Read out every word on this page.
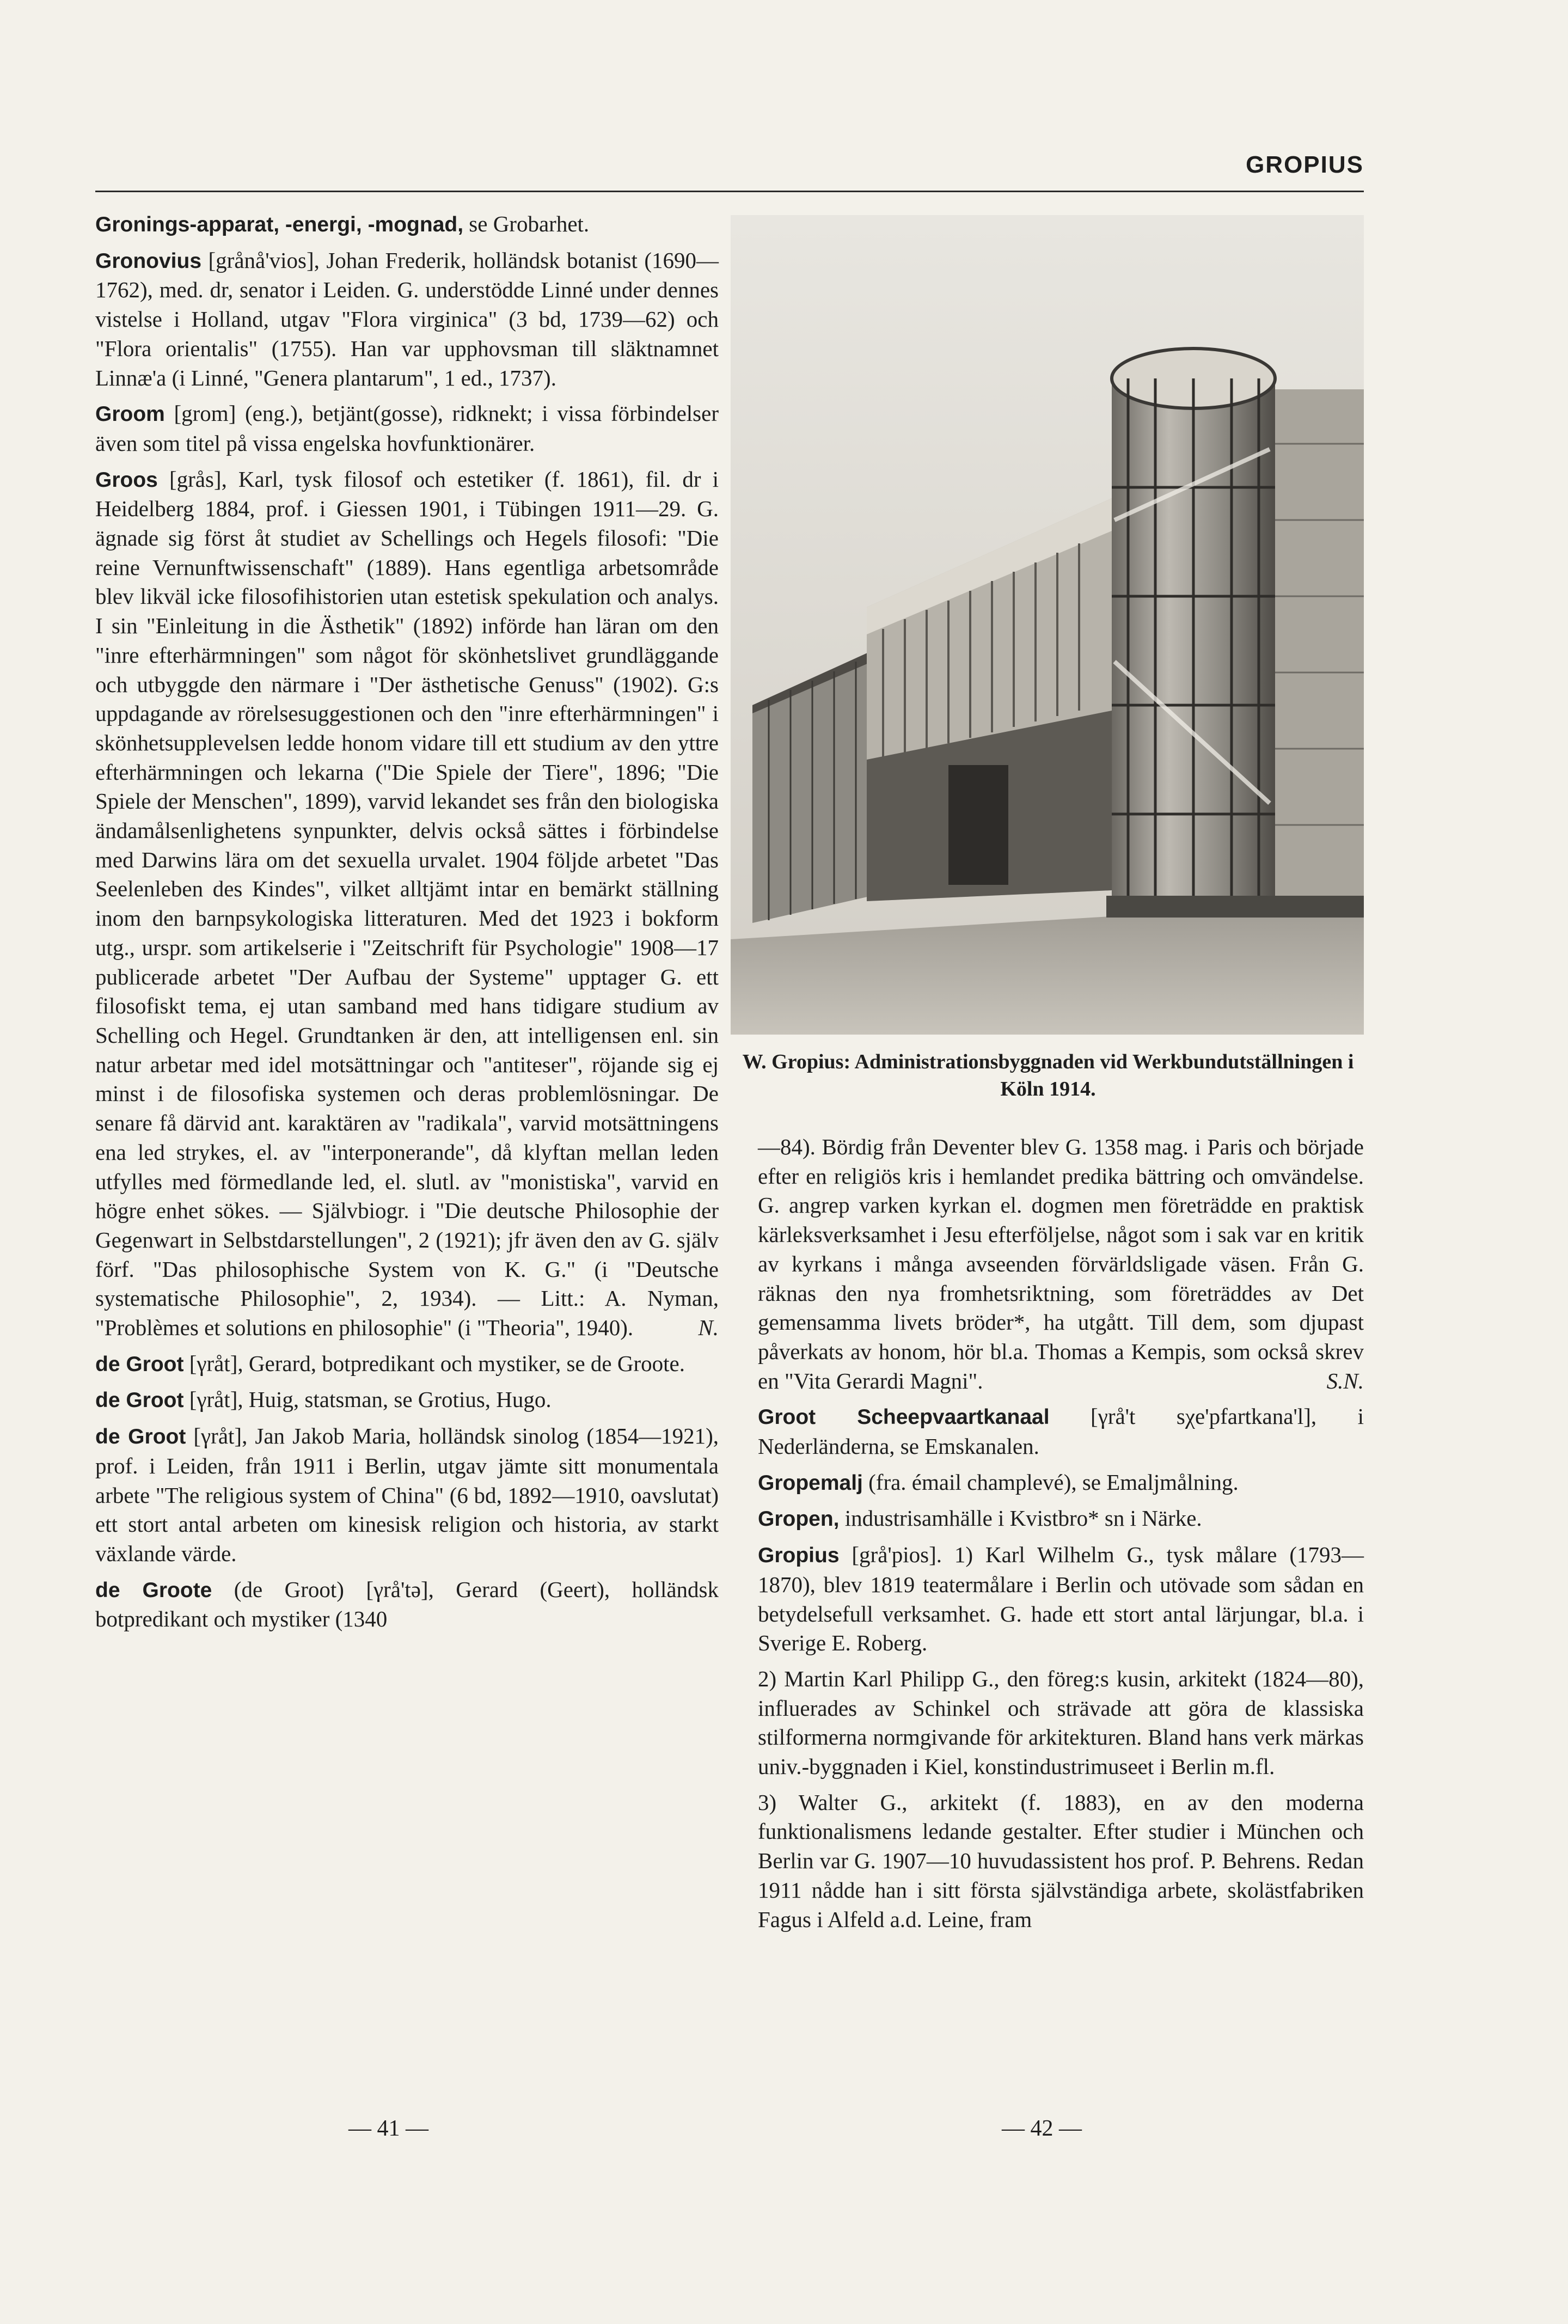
GROPIUS

Gronings-apparat, -energi, -mognad, se Grobarhet.

Gronovius [grånå'vios], Johan Frederik, holländsk botanist (1690—1762), med. dr, senator i Leiden. G. understödde Linné under dennes vistelse i Holland, utgav "Flora virginica" (3 bd, 1739—62) och "Flora orientalis" (1755). Han var upphovsman till släktnamnet Linnæ'a (i Linné, "Genera plantarum", 1 ed., 1737).

Groom [grom] (eng.), betjänt(gosse), ridknekt; i vissa förbindelser även som titel på vissa engelska hovfunktionärer.

Groos [grås], Karl, tysk filosof och estetiker (f. 1861), fil. dr i Heidelberg 1884, prof. i Giessen 1901, i Tübingen 1911—29. G. ägnade sig först åt studiet av Schellings och Hegels filosofi: "Die reine Vernunftwissenschaft" (1889). Hans egentliga arbetsområde blev likväl icke filosofihistorien utan estetisk spekulation och analys. I sin "Einleitung in die Ästhetik" (1892) införde han läran om den "inre efterhärmningen" som något för skönhetslivet grundläggande och utbyggde den närmare i "Der ästhetische Genuss" (1902). G:s uppdagande av rörelsesuggestionen och den "inre efterhärmningen" i skönhetsupplevelsen ledde honom vidare till ett studium av den yttre efterhärmningen och lekarna ("Die Spiele der Tiere", 1896; "Die Spiele der Menschen", 1899), varvid lekandet ses från den biologiska ändamålsenlighetens synpunkter, delvis också sättes i förbindelse med Darwins lära om det sexuella urvalet. 1904 följde arbetet "Das Seelenleben des Kindes", vilket alltjämt intar en bemärkt ställning inom den barnpsykologiska litteraturen. Med det 1923 i bokform utg., urspr. som artikelserie i "Zeitschrift für Psychologie" 1908—17 publicerade arbetet "Der Aufbau der Systeme" upptager G. ett filosofiskt tema, ej utan samband med hans tidigare studium av Schelling och Hegel. Grundtanken är den, att intelligensen enl. sin natur arbetar med idel motsättningar och "antiteser", röjande sig ej minst i de filosofiska systemen och deras problemlösningar. De senare få därvid ant. karaktären av "radikala", varvid motsättningens ena led strykes, el. av "interponerande", då klyftan mellan leden utfylles med förmedlande led, el. slutl. av "monistiska", varvid en högre enhet sökes. — Självbiogr. i "Die deutsche Philosophie der Gegenwart in Selbstdarstellungen", 2 (1921); jfr även den av G. själv förf. "Das philosophische System von K. G." (i "Deutsche systematische Philosophie", 2, 1934). — Litt.: A. Nyman, "Problèmes et solutions en philosophie" (i "Theoria", 1940).	N.

de Groot [γråt], Gerard, botpredikant och mystiker, se de Groote.

de Groot [γråt], Huig, statsman, se Grotius, Hugo.

de Groot [γråt], Jan Jakob Maria, holländsk sinolog (1854—1921), prof. i Leiden, från 1911 i Berlin, utgav jämte sitt monumentala arbete "The religious system of China" (6 bd, 1892—1910, oavslutat) ett stort antal arbeten om kinesisk religion och historia, av starkt växlande värde.

de Groote (de Groot) [γrå'tə], Gerard (Geert), holländsk botpredikant och mystiker (1340

W. Gropius: Administrationsbyggnaden vid Werkbundutställningen i Köln 1914.

—84). Bördig från Deventer blev G. 1358 mag. i Paris och började efter en religiös kris i hemlandet predika bättring och omvändelse. G. angrep varken kyrkan el. dogmen men företrädde en praktisk kärleksverksamhet i Jesu efterföljelse, något som i sak var en kritik av kyrkans i många avseenden förvärldsligade väsen. Från G. räknas den nya fromhetsriktning, som företräddes av Det gemensamma livets bröder*, ha utgått. Till dem, som djupast påverkats av honom, hör bl.a. Thomas a Kempis, som också skrev en "Vita Gerardi Magni".	S.N.

Groot Scheepvaartkanaal [γrå't sχe'pfartkana'l], i Nederländerna, se Emskanalen.

Gropemalj (fra. émail champlevé), se Emaljmålning.

Gropen, industrisamhälle i Kvistbro* sn i Närke.

Gropius [grå'pios]. 1) Karl Wilhelm G., tysk målare (1793—1870), blev 1819 teatermålare i Berlin och utövade som sådan en betydelsefull verksamhet. G. hade ett stort antal lärjungar, bl.a. i Sverige E. Roberg.

2) Martin Karl Philipp G., den föreg:s kusin, arkitekt (1824—80), influerades av Schinkel och strävade att göra de klassiska stilformerna normgivande för arkitekturen. Bland hans verk märkas univ.-byggnaden i Kiel, konstindustrimuseet i Berlin m.fl.

3) Walter G., arkitekt (f. 1883), en av den moderna funktionalismens ledande gestalter. Efter studier i München och Berlin var G. 1907—10 huvudassistent hos prof. P. Behrens. Redan 1911 nådde han i sitt första självständiga arbete, skolästfabriken Fagus i Alfeld a.d. Leine, fram

— 41 —	— 42 —
